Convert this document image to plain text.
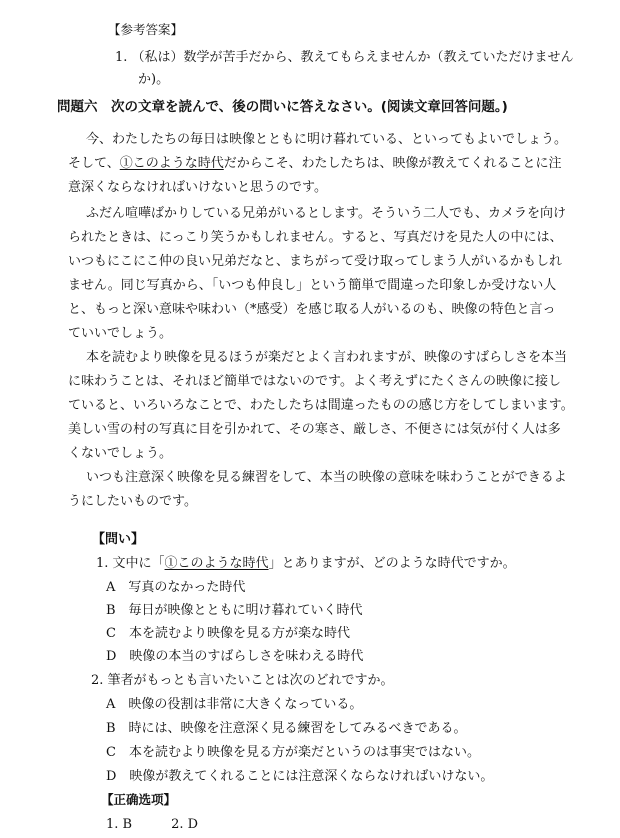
【参考答案】
1. （私は）数学が苦手だから、教えてもらえませんか（教えていただけません
か)。
問題六　次の文章を読んで、後の問いに答えなさい。(阅读文章回答问题。)
今、わたしたちの毎日は映像とともに明け暮れている、といってもよいでしょう。
そして、①このような時代だからこそ、わたしたちは、映像が教えてくれることに注
意深くならなければいけないと思うのです。
ふだん喧嘩ばかりしている兄弟がいるとします。そういう二人でも、カメラを向け
られたときは、にっこり笑うかもしれません。すると、写真だけを見た人の中には、
いつもにこにこ仲の良い兄弟だなと、まちがって受け取ってしまう人がいるかもしれ
ません。同じ写真から、「いつも仲良し」という簡単で間違った印象しか受けない人
と、もっと深い意味や味わい（*感受）を感じ取る人がいるのも、映像の特色と言っ
ていいでしょう。
本を読むより映像を見るほうが楽だとよく言われますが、映像のすばらしさを本当
に味わうことは、それほど簡単ではないのです。よく考えずにたくさんの映像に接し
ていると、いろいろなことで、わたしたちは間違ったものの感じ方をしてしまいます。
美しい雪の村の写真に目を引かれて、その寒さ、厳しさ、不便さには気が付く人は多
くないでしょう。
いつも注意深く映像を見る練習をして、本当の映像の意味を味わうことができるよ
うにしたいものです。
【問い】
1. 文中に「①このような時代」とありますが、どのような時代ですか。
A　写真のなかった時代
B　毎日が映像とともに明け暮れていく時代
C　本を読むより映像を見る方が楽な時代
D　映像の本当のすばらしさを味わえる時代
2. 筆者がもっとも言いたいことは次のどれですか。
A　映像の役割は非常に大きくなっている。
B　時には、映像を注意深く見る練習をしてみるべきである。
C　本を読むより映像を見る方が楽だというのは事実ではない。
D　映像が教えてくれることには注意深くならなければいけない。
【正确选项】
1. B　　　2. D
